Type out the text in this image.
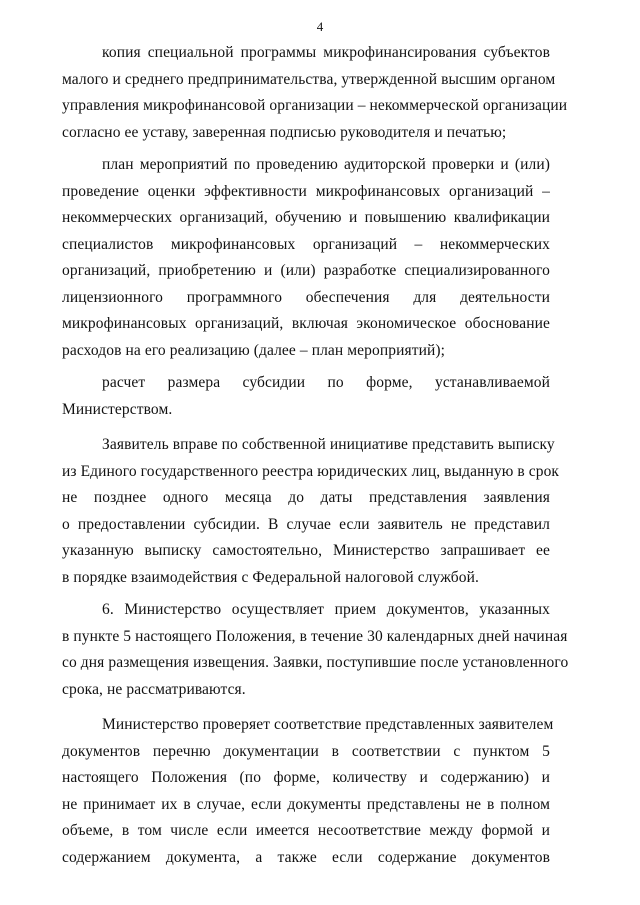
4
копия специальной программы микрофинансирования субъектов
малого и среднего предпринимательства, утвержденной высшим органом
управления микрофинансовой организации – некоммерческой организации
согласно ее уставу, заверенная подписью руководителя и печатью;
план мероприятий по проведению аудиторской проверки и (или)
проведение оценки эффективности микрофинансовых организаций –
некоммерческих организаций, обучению и повышению квалификации
специалистов микрофинансовых организаций – некоммерческих
организаций, приобретению и (или) разработке специализированного
лицензионного программного обеспечения для деятельности
микрофинансовых организаций, включая экономическое обоснование
расходов на его реализацию (далее – план мероприятий);
расчет размера субсидии по форме, устанавливаемой
Министерством.
Заявитель вправе по собственной инициативе представить выписку
из Единого государственного реестра юридических лиц, выданную в срок
не позднее одного месяца до даты представления заявления
о предоставлении субсидии. В случае если заявитель не представил
указанную выписку самостоятельно, Министерство запрашивает ее
в порядке взаимодействия с Федеральной налоговой службой.
6. Министерство осуществляет прием документов, указанных
в пункте 5 настоящего Положения, в течение 30 календарных дней начиная
со дня размещения извещения. Заявки, поступившие после установленного
срока, не рассматриваются.
Министерство проверяет соответствие представленных заявителем
документов перечню документации в соответствии с пунктом 5
настоящего Положения (по форме, количеству и содержанию) и
не принимает их в случае, если документы представлены не в полном
объеме, в том числе если имеется несоответствие между формой и
содержанием документа, а также если содержание документов
